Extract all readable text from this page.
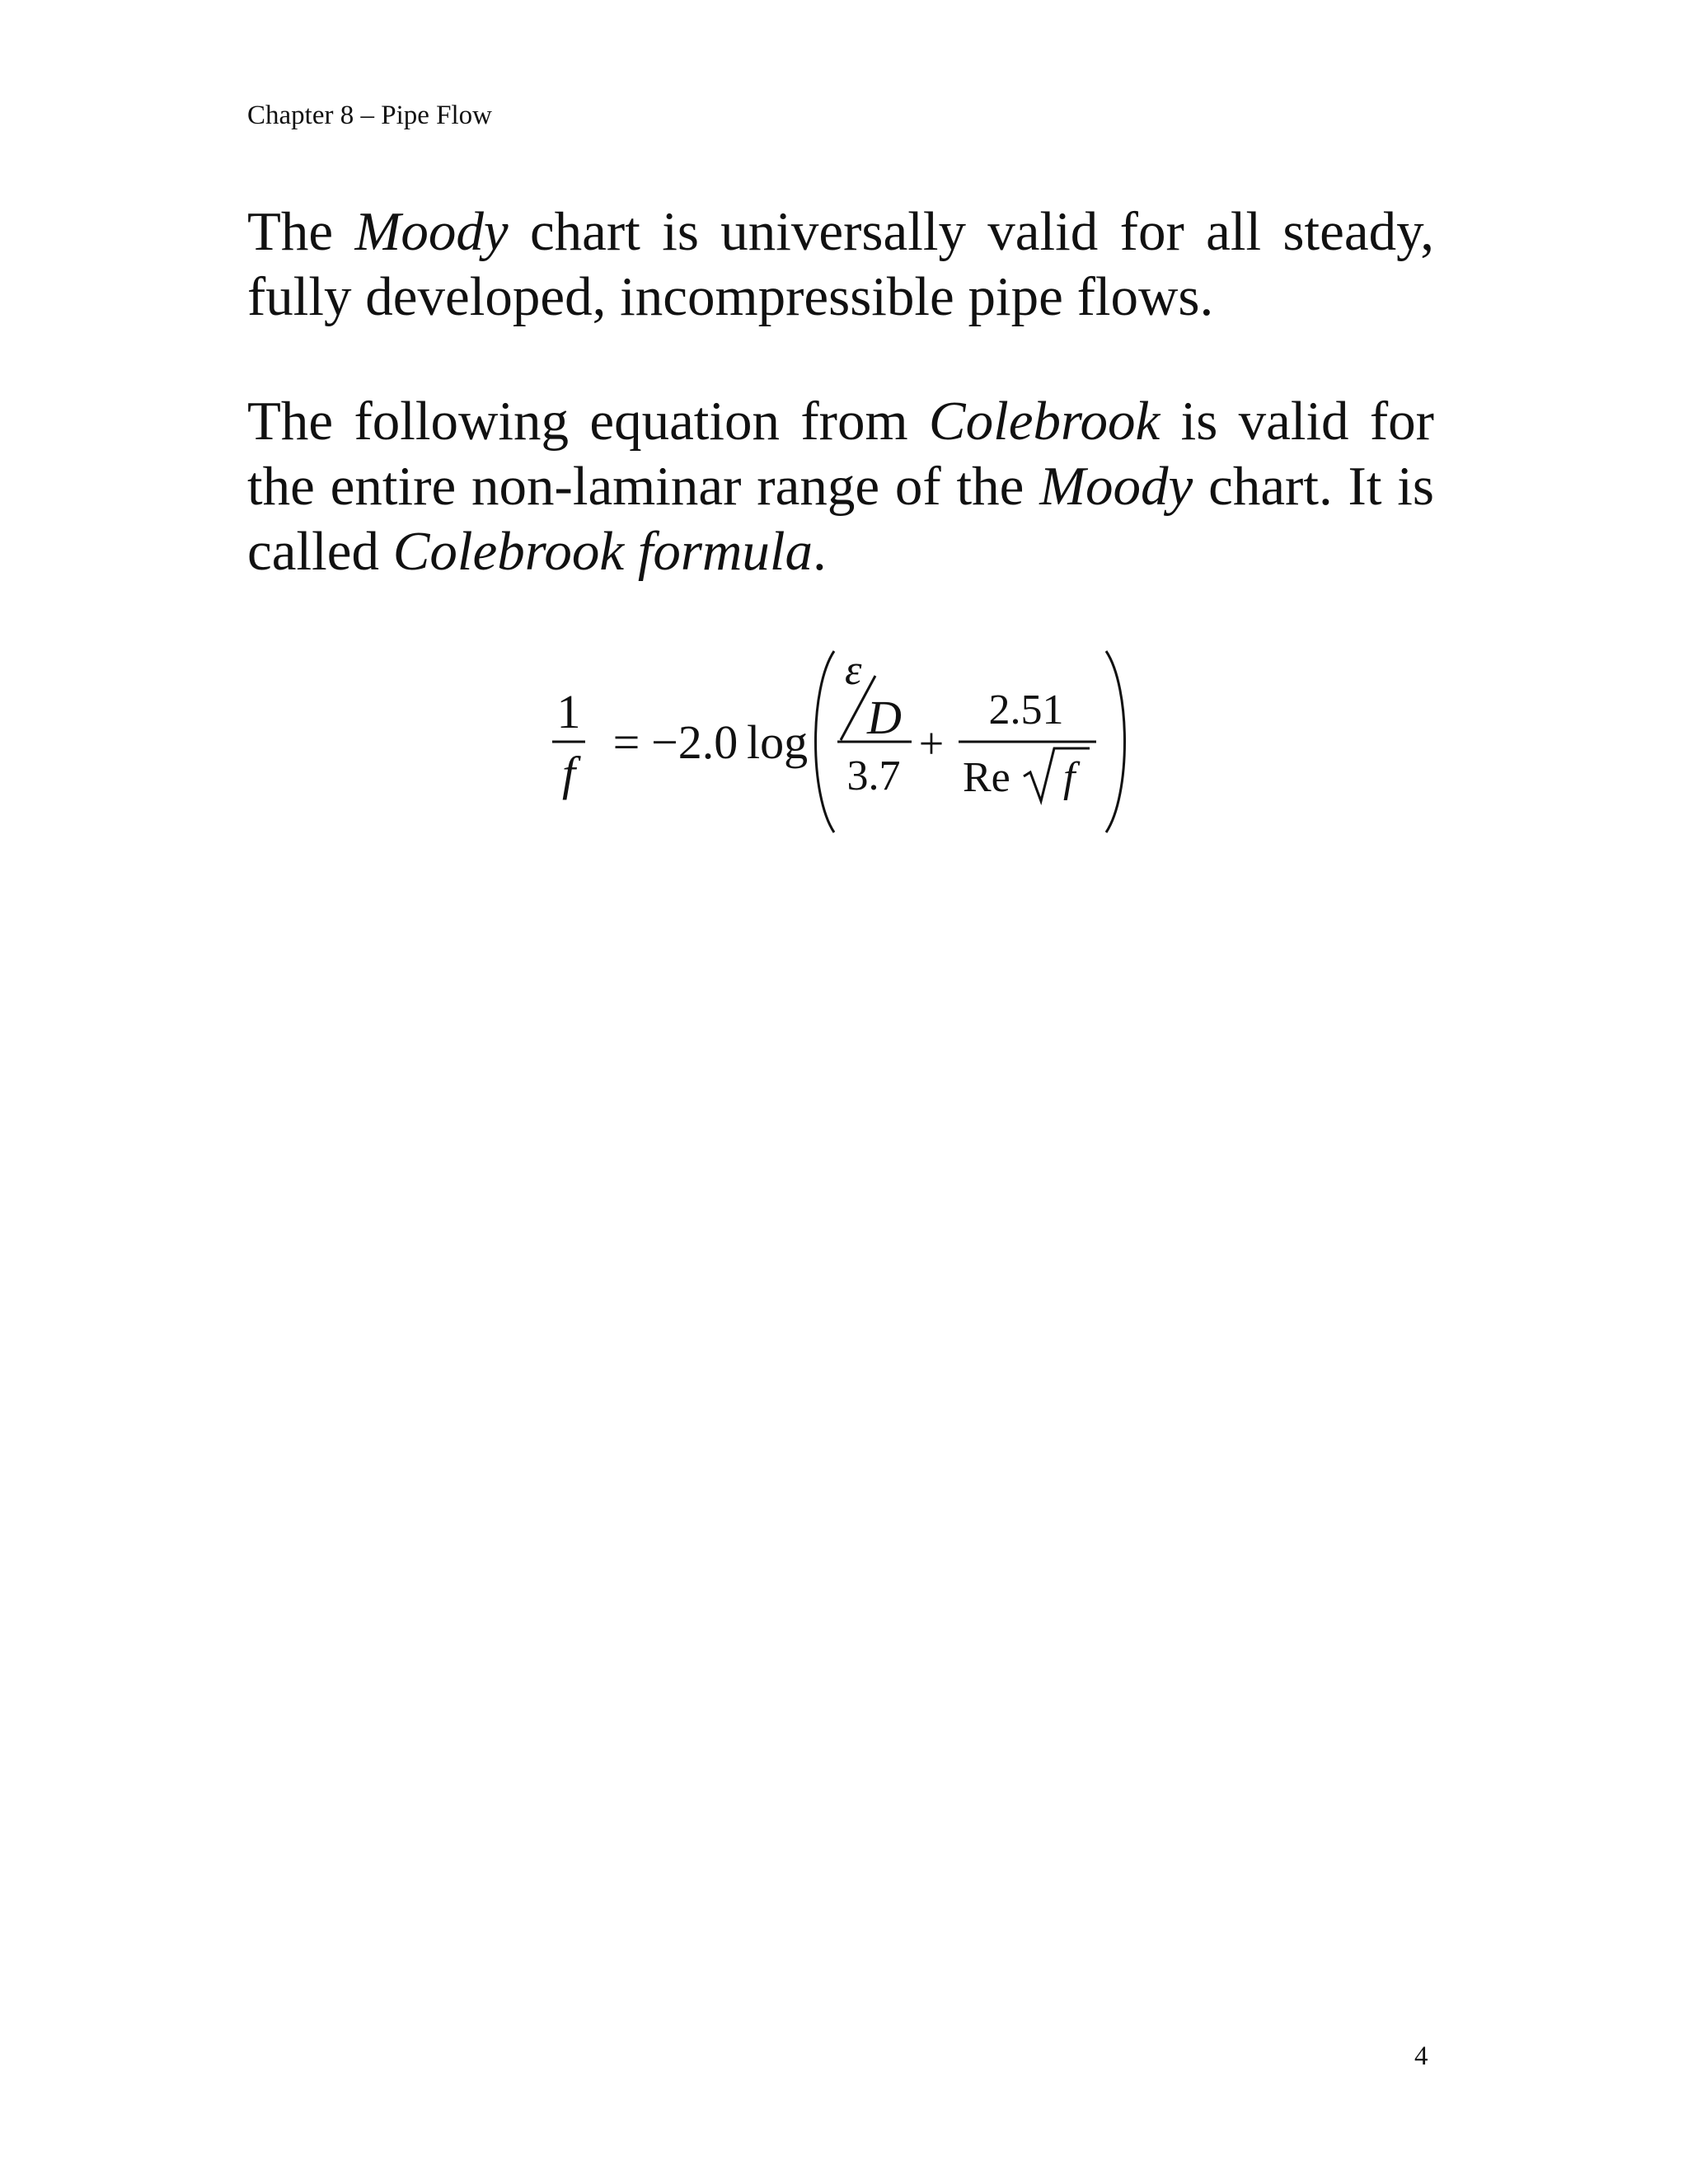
Chapter 8 – Pipe Flow

The Moody chart is universally valid for all steady, fully developed, incompressible pipe flows.

The following equation from Colebrook is valid for the entire non-laminar range of the Moody chart. It is called Colebrook formula.

1
f
= −2.0 log
ε
D
3.7
+
2.51
Re f
4
